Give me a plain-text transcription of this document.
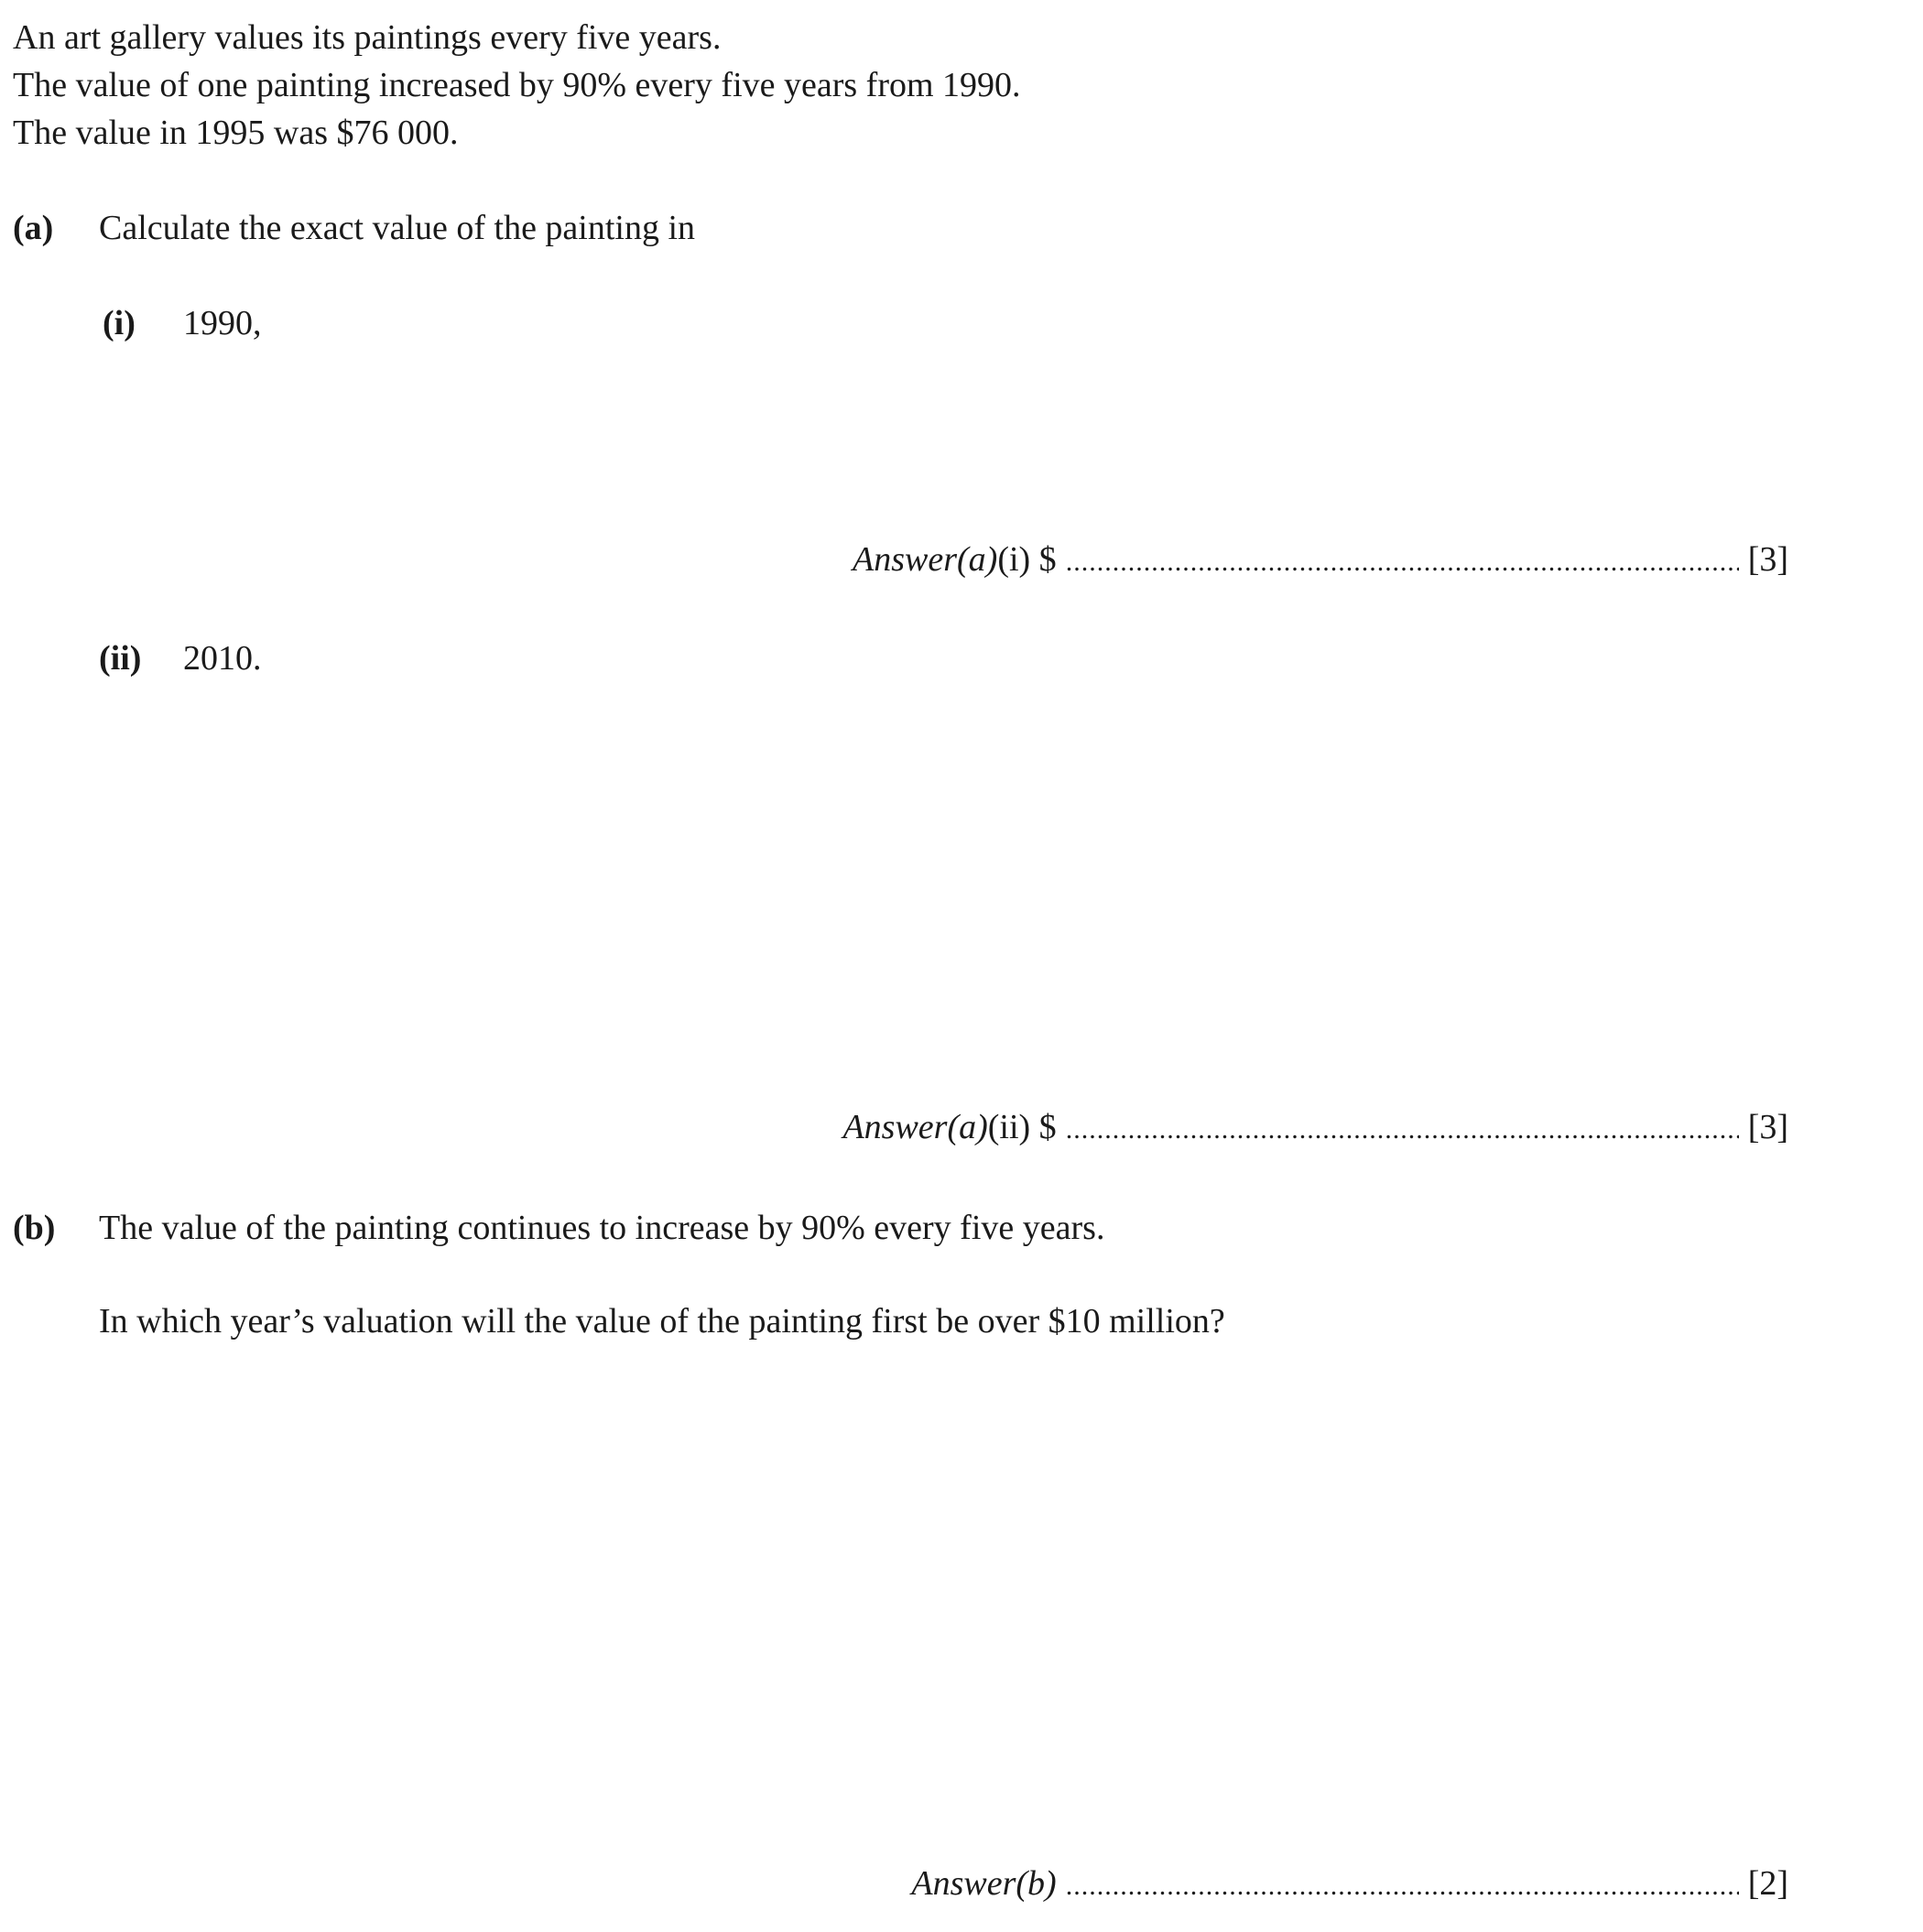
An art gallery values its paintings every five years.
The value of one painting increased by 90% every five years from 1990.
The value in 1995 was $76 000.
(a) Calculate the exact value of the painting in
(i) 1990,
Answer(a)(i) $ .....	[3]
(ii) 2010.
Answer(a)(ii) $ .....	[3]
(b) The value of the painting continues to increase by 90% every five years.
In which year’s valuation will the value of the painting first be over $10 million?
Answer(b) .....	[2]
